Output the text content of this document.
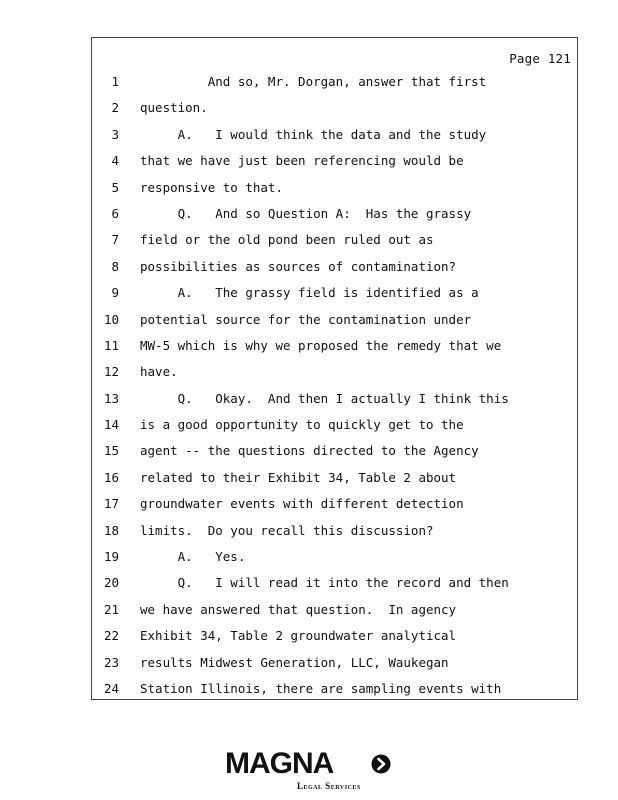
Page 121
1 And so, Mr. Dorgan, answer that first
2 question.
3 A.   I would think the data and the study
4 that we have just been referencing would be
5 responsive to that.
6 Q.   And so Question A:  Has the grassy
7 field or the old pond been ruled out as
8 possibilities as sources of contamination?
9 A.   The grassy field is identified as a
10 potential source for the contamination under
11 MW-5 which is why we proposed the remedy that we
12 have.
13 Q.   Okay.  And then I actually I think this
14 is a good opportunity to quickly get to the
15 agent -- the questions directed to the Agency
16 related to their Exhibit 34, Table 2 about
17 groundwater events with different detection
18 limits.  Do you recall this discussion?
19 A.   Yes.
20 Q.   I will read it into the record and then
21 we have answered that question.  In agency
22 Exhibit 34, Table 2 groundwater analytical
23 results Midwest Generation, LLC, Waukegan
24 Station Illinois, there are sampling events with
MAGNA
Legal Services
